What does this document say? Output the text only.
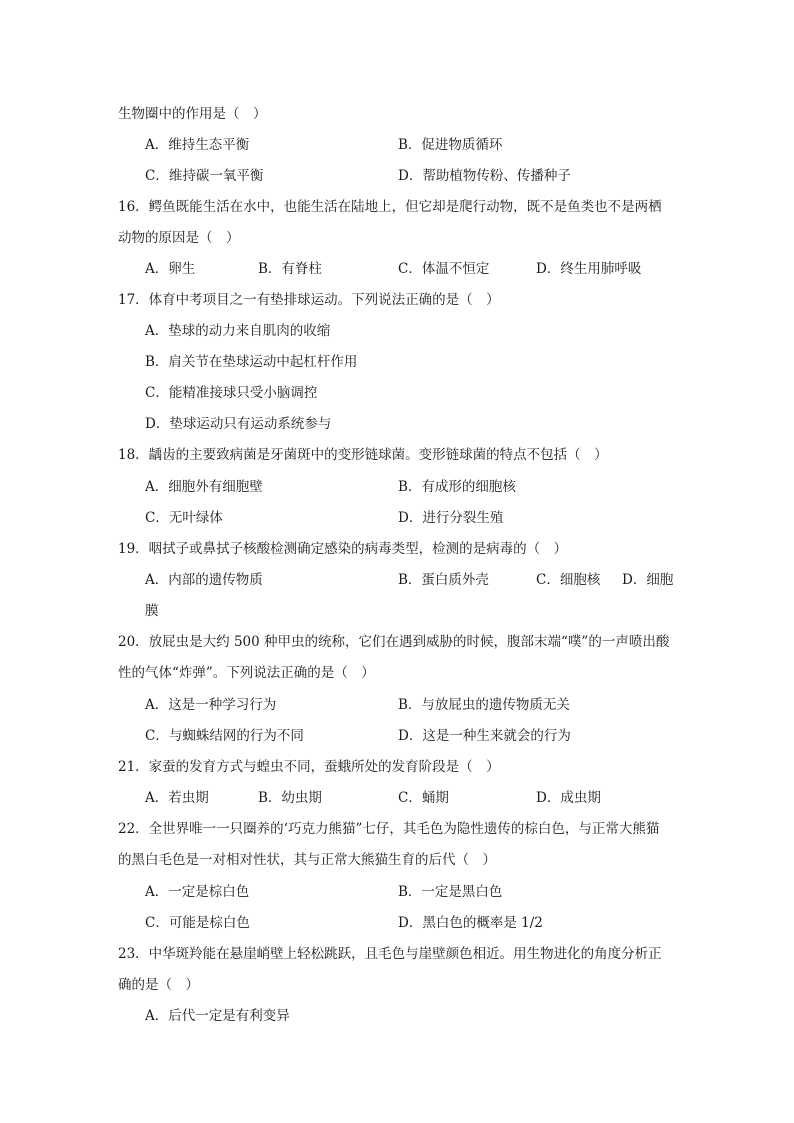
生物圈中的作用是（　）
A．维持生态平衡	B．促进物质循环
C．维持碳一氧平衡	D．帮助植物传粉、传播种子
16．鳄鱼既能生活在水中，也能生活在陆地上，但它却是爬行动物，既不是鱼类也不是两栖
动物的原因是（　）
A．卵生	B．有脊柱	C．体温不恒定	D．终生用肺呼吸
17．体育中考项目之一有垫排球运动。下列说法正确的是（　）
A．垫球的动力来自肌肉的收缩
B．肩关节在垫球运动中起杠杆作用
C．能精准接球只受小脑调控
D．垫球运动只有运动系统参与
18．龋齿的主要致病菌是牙菌斑中的变形链球菌。变形链球菌的特点不包括（　）
A．细胞外有细胞壁	B．有成形的细胞核
C．无叶绿体	D．进行分裂生殖
19．咽拭子或鼻拭子核酸检测确定感染的病毒类型，检测的是病毒的（　）
A．内部的遗传物质	B．蛋白质外壳	C．细胞核 D．细胞
膜
20．放屁虫是大约 500 种甲虫的统称，它们在遇到威胁的时候，腹部末端“噗”的一声喷出酸
性的气体“炸弹”。下列说法正确的是（　）
A．这是一种学习行为	B．与放屁虫的遗传物质无关
C．与蜘蛛结网的行为不同	D．这是一种生来就会的行为
21．家蚕的发育方式与蝗虫不同，蚕蛾所处的发育阶段是（　）
A．若虫期	B．幼虫期	C．蛹期	D．成虫期
22．全世界唯一一只圈养的‘巧克力熊猫”七仔，其毛色为隐性遗传的棕白色，与正常大熊猫
的黑白毛色是一对相对性状，其与正常大熊猫生育的后代（　）
A．一定是棕白色	B．一定是黑白色
C．可能是棕白色	D．黑白色的概率是 1/2
23．中华斑羚能在悬崖峭壁上轻松跳跃，且毛色与崖壁颜色相近。用生物进化的角度分析正
确的是（　）
A．后代一定是有利变异
